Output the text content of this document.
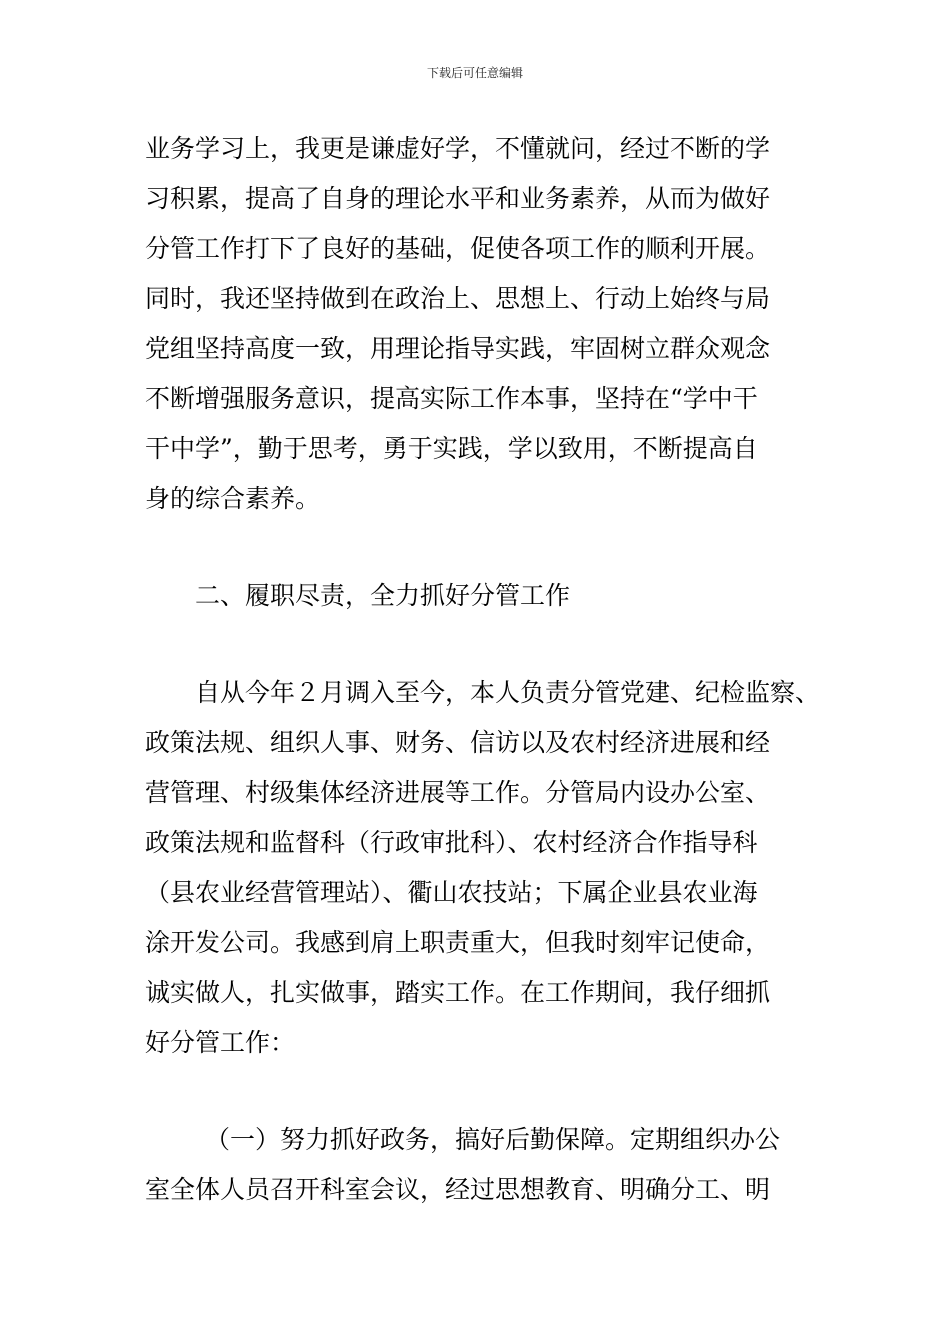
下载后可任意编辑
业务学习上，我更是谦虚好学，不懂就问，经过不断的学
习积累，提高了自身的理论水平和业务素养，从而为做好
分管工作打下了良好的基础，促使各项工作的顺利开展。
同时，我还坚持做到在政治上、思想上、行动上始终与局
党组坚持高度一致，用理论指导实践，牢固树立群众观念
不断增强服务意识，提高实际工作本事，坚持在“学中干
干中学”，勤于思考，勇于实践，学以致用，不断提高自
身的综合素养。
二、履职尽责，全力抓好分管工作
自从今年２月调入至今，本人负责分管党建、纪检监察、
政策法规、组织人事、财务、信访以及农村经济进展和经
营管理、村级集体经济进展等工作。分管局内设办公室、
政策法规和监督科（行政审批科）、农村经济合作指导科
（县农业经营管理站）、衢山农技站；下属企业县农业海
涂开发公司。我感到肩上职责重大，但我时刻牢记使命，
诚实做人，扎实做事，踏实工作。在工作期间，我仔细抓
好分管工作：
（一）努力抓好政务，搞好后勤保障。定期组织办公
室全体人员召开科室会议，经过思想教育、明确分工、明
